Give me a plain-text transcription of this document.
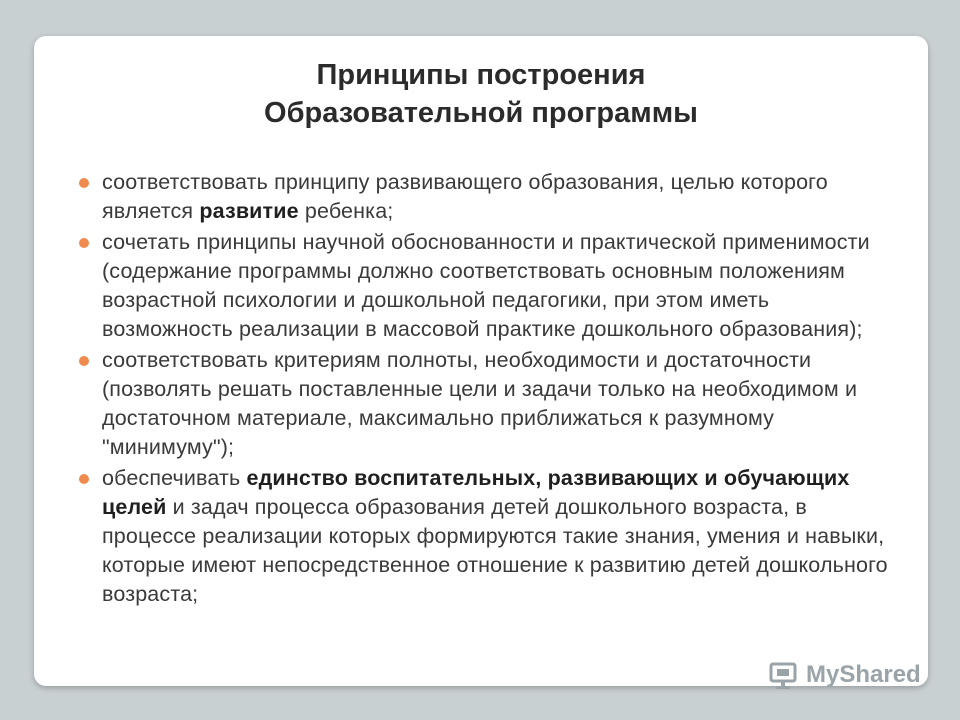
Принципы построения
Образовательной программы
соответствовать принципу развивающего образования, целью которого является развитие ребенка;
сочетать принципы научной обоснованности и практической применимости (содержание программы должно соответствовать основным положениям возрастной психологии и дошкольной педагогики, при этом иметь возможность реализации в массовой практике дошкольного образования);
соответствовать критериям полноты, необходимости и достаточности (позволять решать поставленные цели и задачи только на необходимом и достаточном материале, максимально приближаться к разумному "минимуму");
обеспечивать единство воспитательных, развивающих и обучающих целей и задач процесса образования детей дошкольного возраста, в процессе реализации которых формируются такие знания, умения и навыки, которые имеют непосредственное отношение к развитию детей дошкольного возраста;
MyShared
